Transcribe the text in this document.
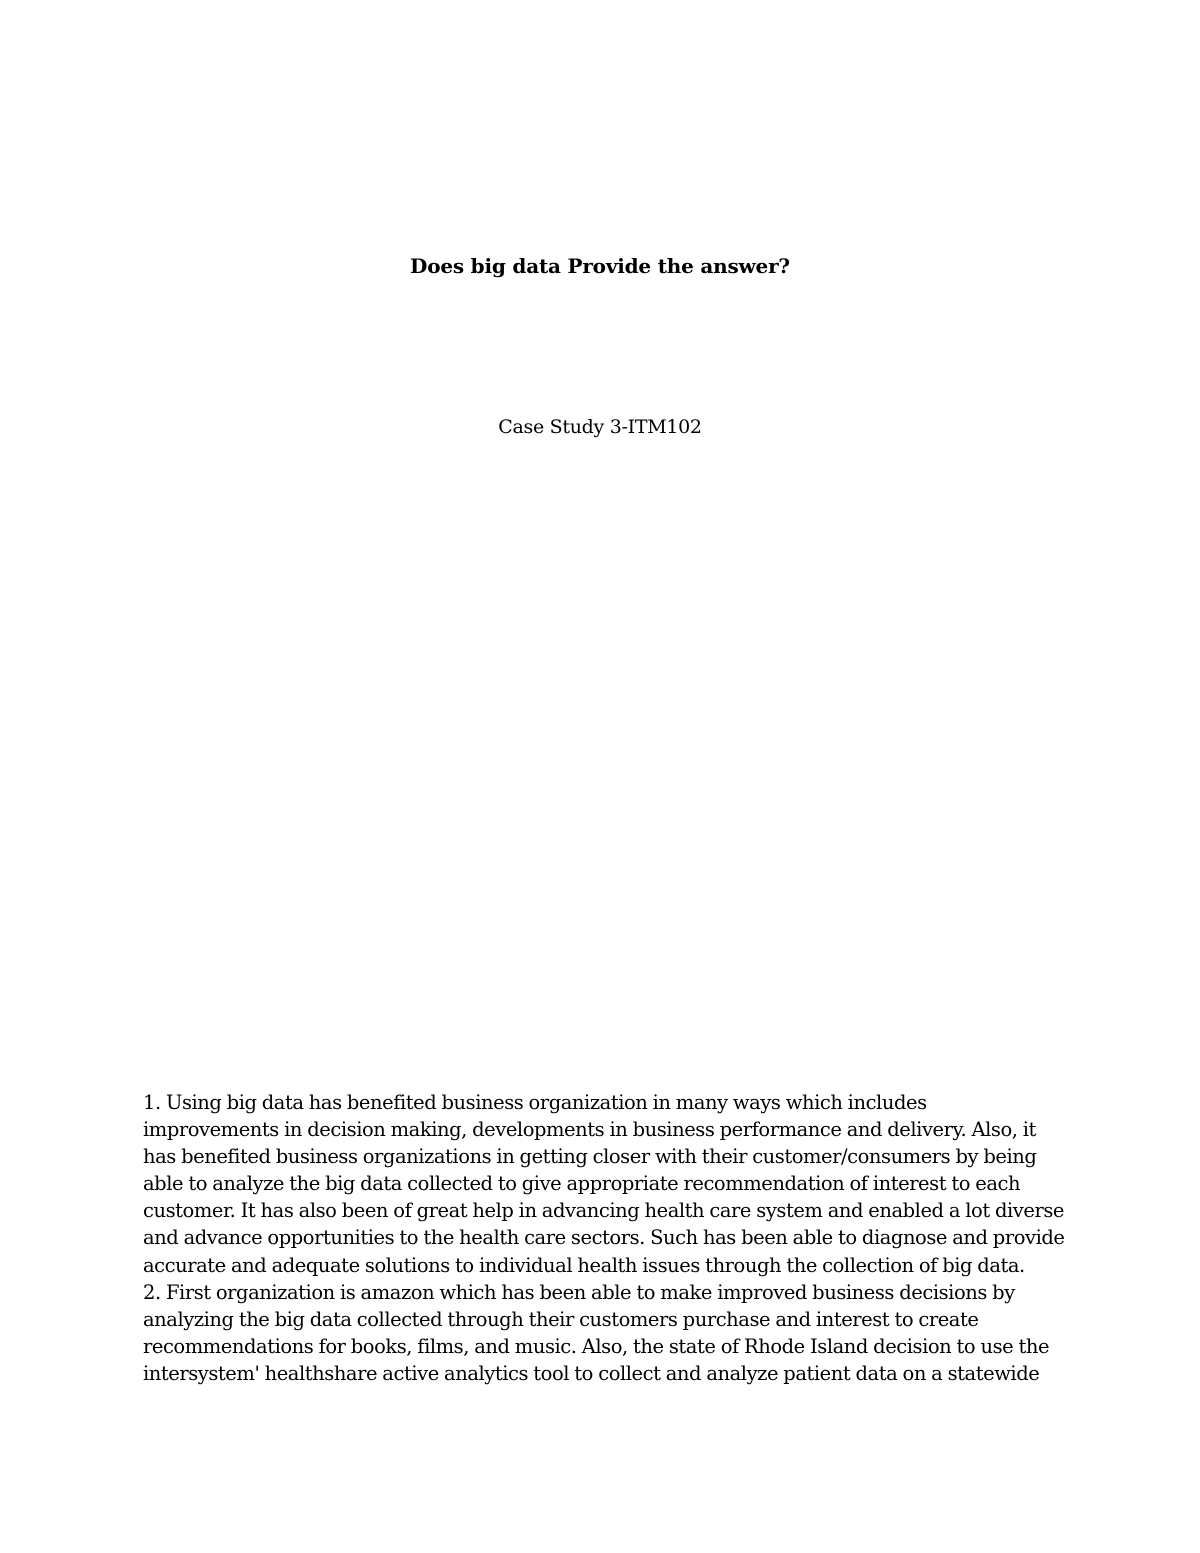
Does big data Provide the answer?
Case Study 3-ITM102
1. Using big data has benefited business organization in many ways which includes
improvements in decision making, developments in business performance and delivery. Also, it
has benefited business organizations in getting closer with their customer/consumers by being
able to analyze the big data collected to give appropriate recommendation of interest to each
customer. It has also been of great help in advancing health care system and enabled a lot diverse
and advance opportunities to the health care sectors. Such has been able to diagnose and provide
accurate and adequate solutions to individual health issues through the collection of big data.
2. First organization is amazon which has been able to make improved business decisions by
analyzing the big data collected through their customers purchase and interest to create
recommendations for books, films, and music. Also, the state of Rhode Island decision to use the
intersystem' healthshare active analytics tool to collect and analyze patient data on a statewide
